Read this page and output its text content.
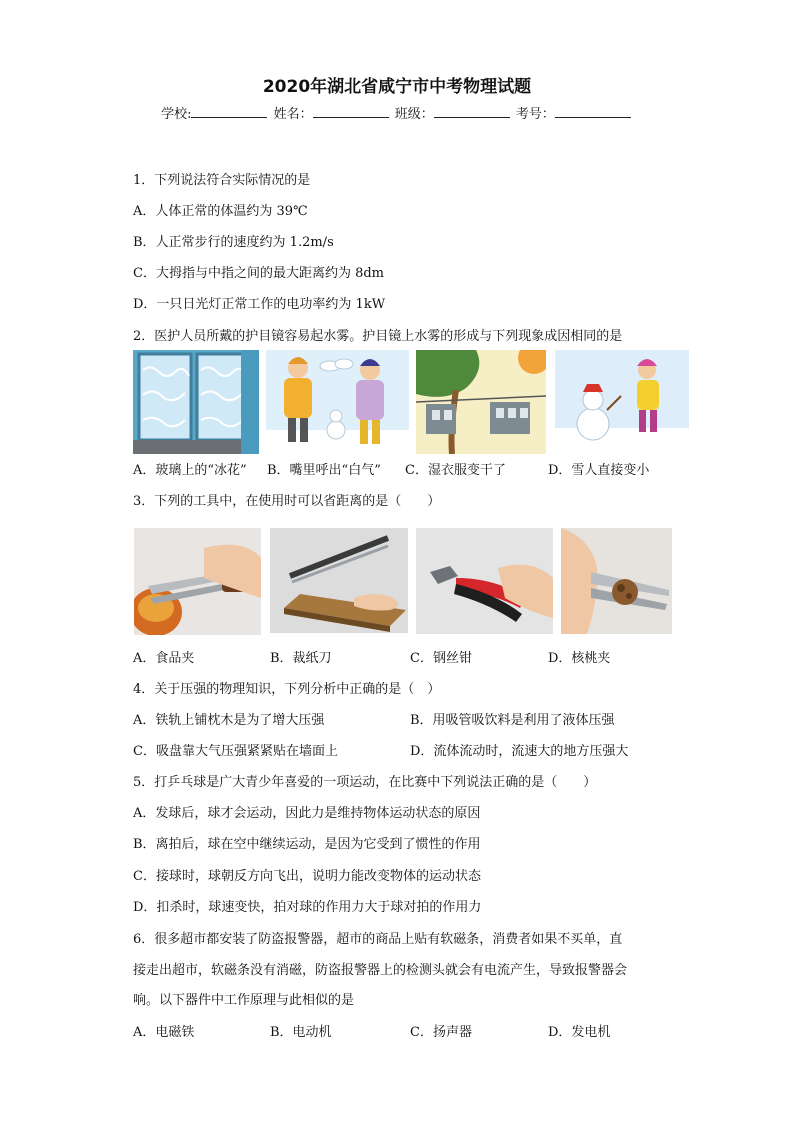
2020年湖北省咸宁市中考物理试题
学校:	姓名：	班级：	考号：
1．下列说法符合实际情况的是
A．人体正常的体温约为 39℃
B．人正常步行的速度约为 1.2m/s
C．大拇指与中指之间的最大距离约为 8dm
D．一只日光灯正常工作的电功率约为 1kW
2．医护人员所戴的护目镜容易起水雾。护目镜上水雾的形成与下列现象成因相同的是
A．玻璃上的“冰花” B．嘴里呼出“白气” C．湿衣服变干了	D．雪人直接变小
3．下列的工具中，在使用时可以省距离的是（　　）
A．食品夹	B．裁纸刀	C．钢丝钳	D．核桃夹
4．关于压强的物理知识，下列分析中正确的是（　）
A．铁轨上铺枕木是为了增大压强	B．用吸管吸饮料是利用了液体压强
C．吸盘靠大气压强紧紧贴在墙面上	D．流体流动时，流速大的地方压强大
5．打乒乓球是广大青少年喜爱的一项运动，在比赛中下列说法正确的是（　　）
A．发球后，球才会运动，因此力是维持物体运动状态的原因
B．离拍后，球在空中继续运动，是因为它受到了惯性的作用
C．接球时，球朝反方向飞出，说明力能改变物体的运动状态
D．扣杀时，球速变快，拍对球的作用力大于球对拍的作用力
6．很多超市都安装了防盗报警器，超市的商品上贴有软磁条，消费者如果不买单，直
接走出超市，软磁条没有消磁，防盗报警器上的检测头就会有电流产生，导致报警器会
响。以下器件中工作原理与此相似的是
A．电磁铁	B．电动机	C．扬声器	D．发电机
